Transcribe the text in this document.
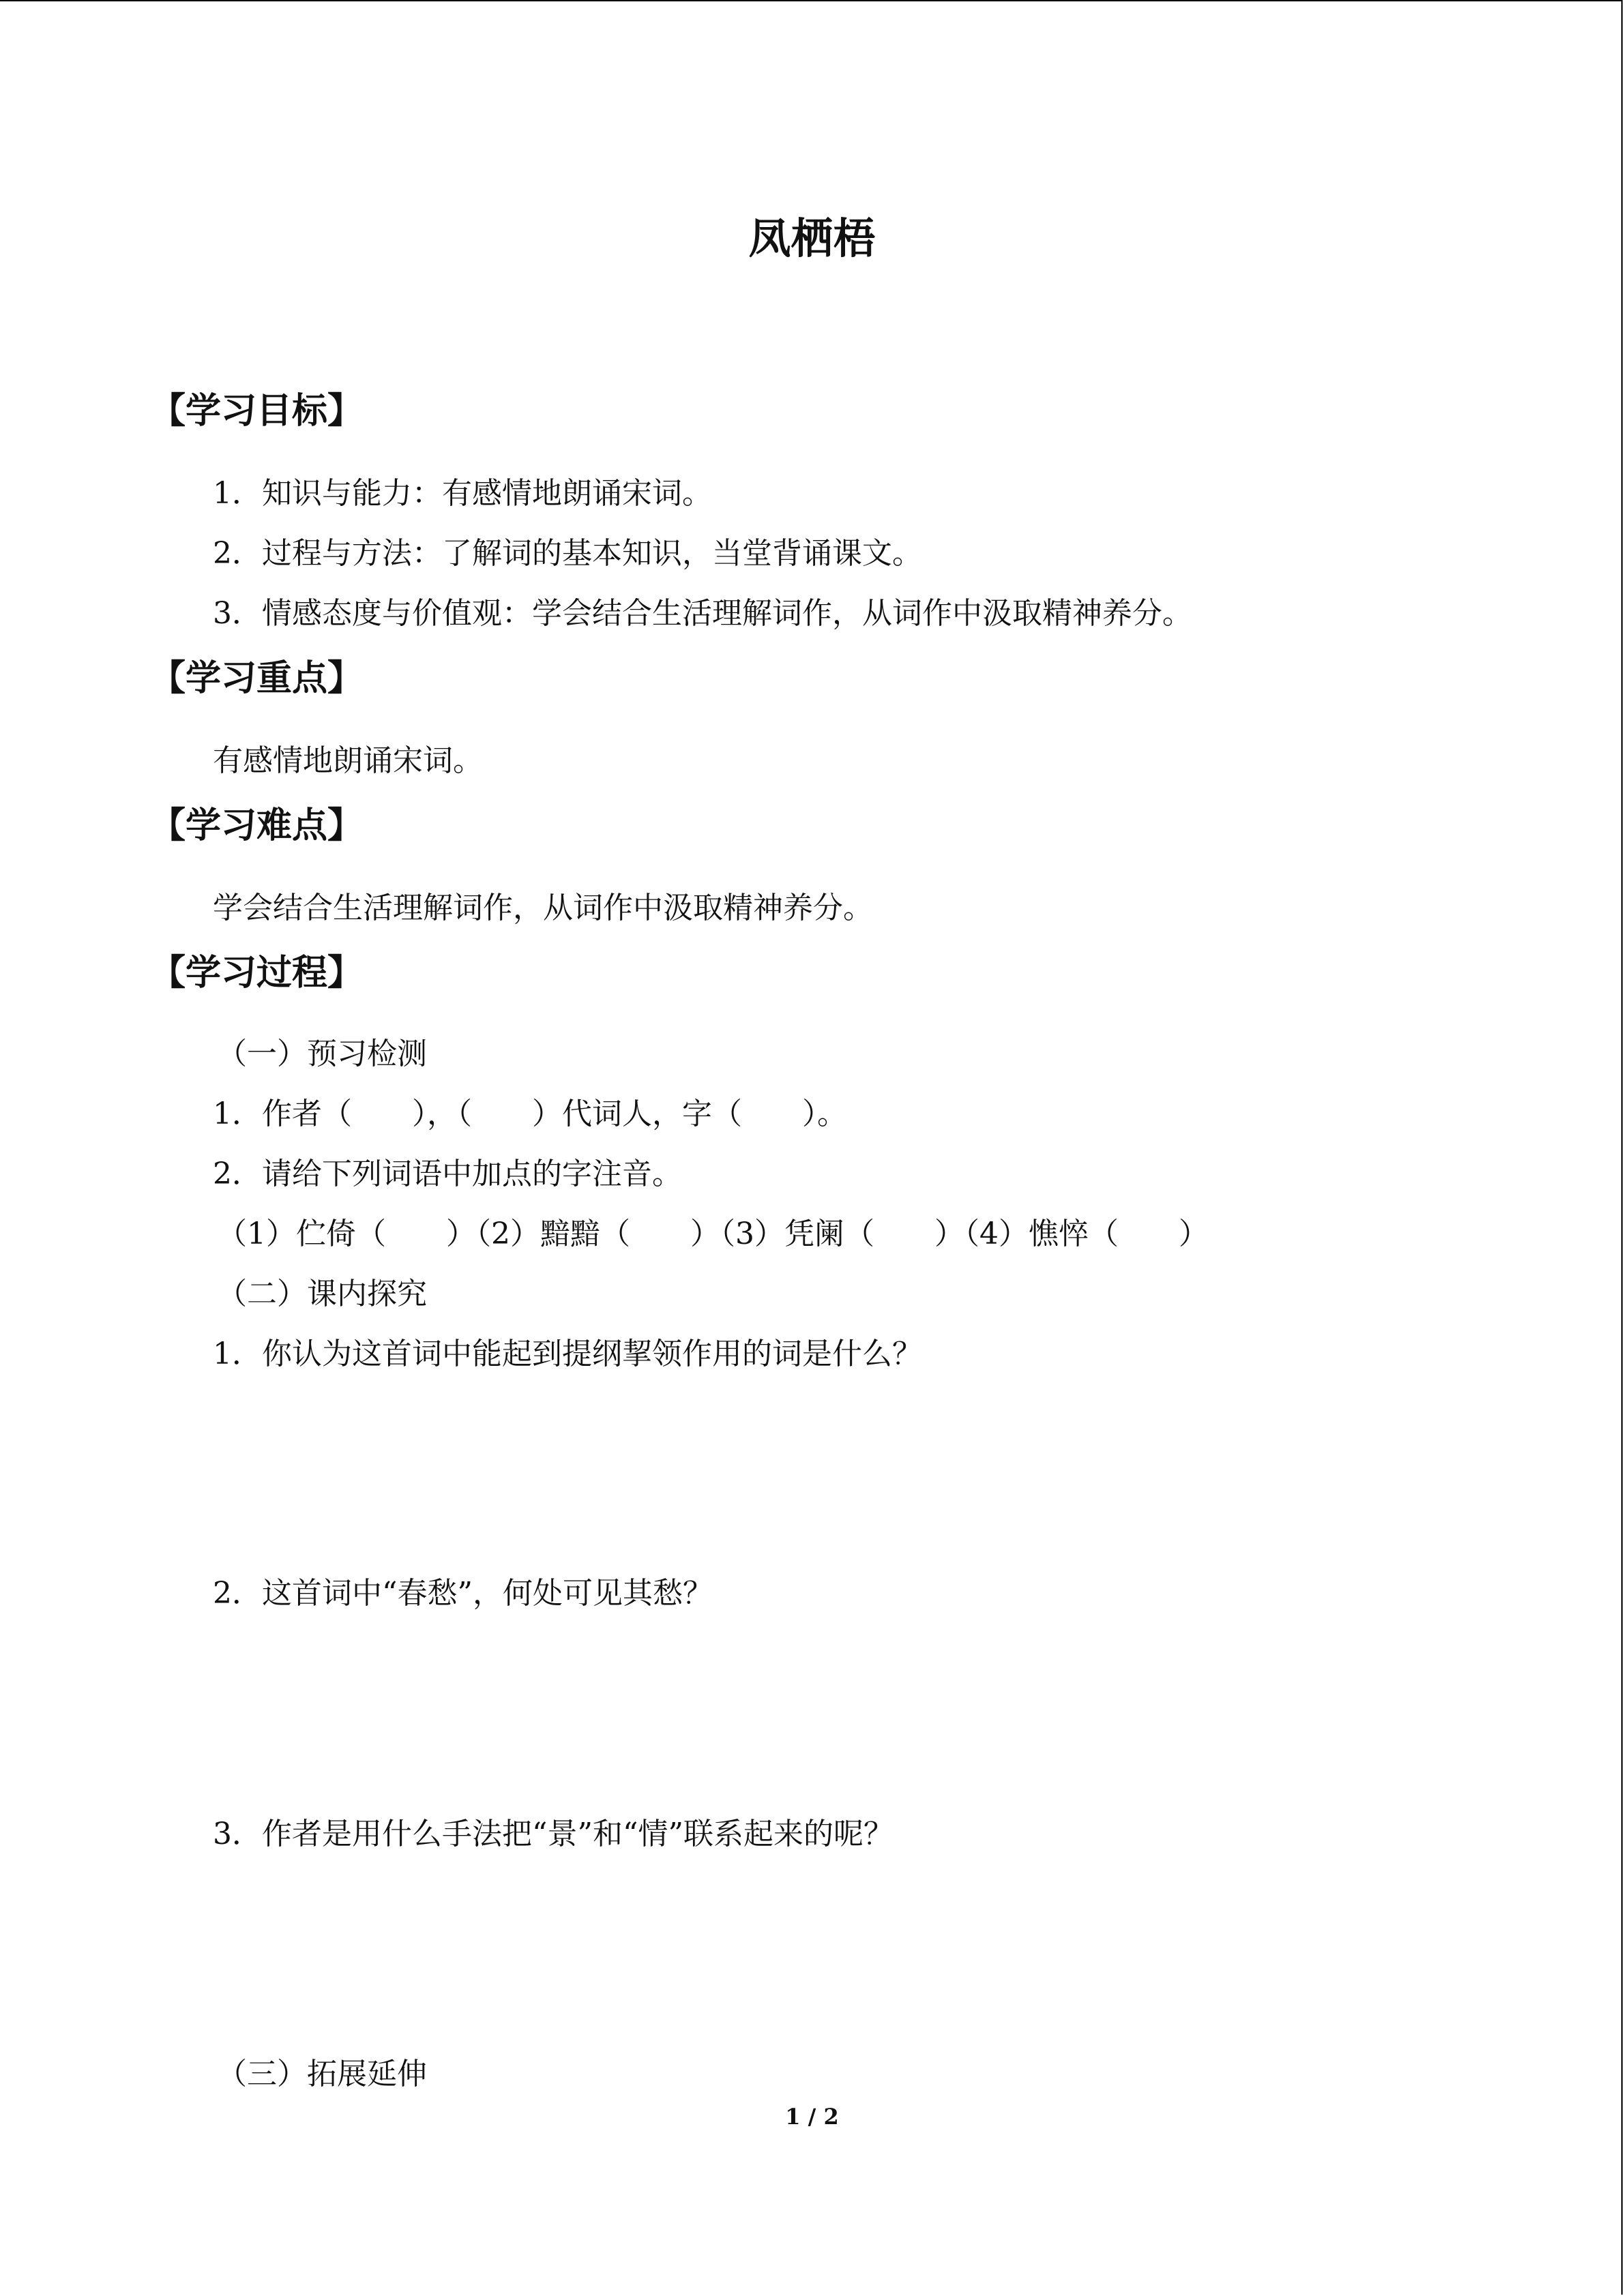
凤栖梧
【学习目标】
1．知识与能力：有感情地朗诵宋词。
2．过程与方法：了解词的基本知识，当堂背诵课文。
3．情感态度与价值观：学会结合生活理解词作，从词作中汲取精神养分。
【学习重点】
有感情地朗诵宋词。
【学习难点】
学会结合生活理解词作，从词作中汲取精神养分。
【学习过程】
（一）预习检测
1．作者（　　），（　　）代词人，字（　　）。
2．请给下列词语中加点的字注音。
（1）伫倚（　　）（2）黯黯（　　）（3）凭阑（　　）（4）憔悴（　　）
（二）课内探究
1．你认为这首词中能起到提纲挈领作用的词是什么？
2．这首词中“春愁”，何处可见其愁？
3．作者是用什么手法把“景”和“情”联系起来的呢？
（三）拓展延伸
1 / 2
